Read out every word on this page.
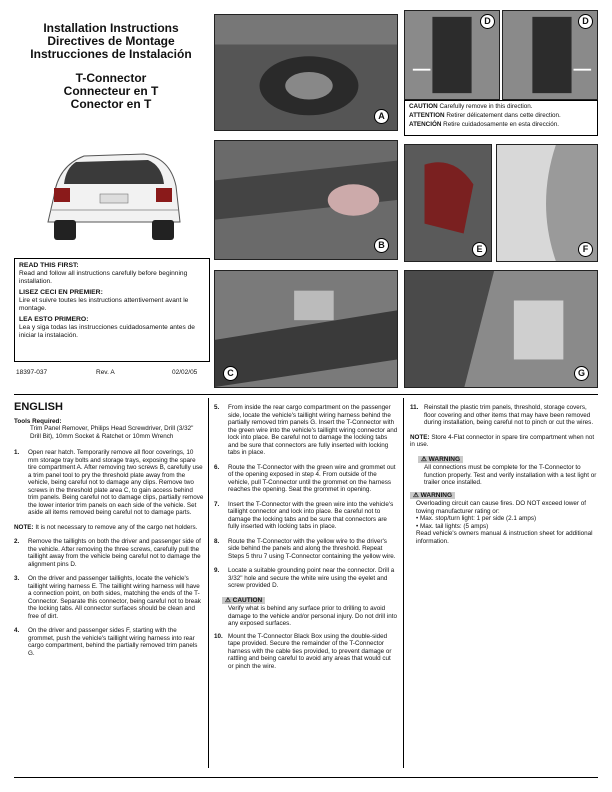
Installation Instructions
Directives de Montage
Instrucciones de Instalación
T-Connector
Connecteur en T
Conector en T
READ THIS FIRST:

Read and follow all instructions carefully before beginning installation.

LISEZ CECI EN PREMIER:

Lire et suivre toutes les instructions attentivement avant le montage.

LEA ESTO PRIMERO:

Lea y siga todas las instrucciones cuidadosamente antes de iniciar la instalación.

18397-037	Rev. A	02/02/05
A
D	D
CAUTION Carefully remove in this direction.
ATTENTION Retirer délicatement dans cette direction.
ATENCIÓN Retire cuidadosamente en esta dirección.
B	E	F
C	G
ENGLISH
Tools Required:
Trim Panel Remover, Philips Head Screwdriver, Drill (3/32" Drill Bit), 10mm Socket & Ratchet or 10mm Wrench
1. Open rear hatch. Temporarily remove all floor coverings, 10 mm storage tray bolts and storage trays, exposing the spare tire compartment A. After removing two screws B, carefully use a trim panel tool to pry the threshold plate away from the vehicle, being careful not to damage any clips. Remove two screws in the threshold plate area C, to gain access behind trim panels. Being careful not to damage clips, partially remove the lower interior trim panels on each side of the vehicle. Set aside all items removed being careful not to damage parts.
NOTE: It is not necessary to remove any of the cargo net holders.
2. Remove the taillights on both the driver and passenger side of the vehicle. After removing the three screws, carefully pull the taillight away from the vehicle being careful not to damage the alignment pins D.
3. On the driver and passenger taillights, locate the vehicle's taillight wiring harness E. The taillight wiring harness will have a connection point, on both sides, matching the ends of the T-Connector. Separate this connector, being careful not to break the locking tabs. All connector surfaces should be clean and free of dirt.
4. On the driver and passenger sides F, starting with the grommet, push the vehicle's taillight wiring harness into rear cargo compartment, behind the partially removed trim panels G.
5. From inside the rear cargo compartment on the passenger side, locate the vehicle's taillight wiring harness behind the partially removed trim panels G. Insert the T-Connector with the green wire into the vehicle's taillight wiring connector and lock into place. Be careful not to damage the locking tabs and be sure that connectors are fully inserted with locking tabs in place.
6. Route the T-Connector with the green wire and grommet out of the opening exposed in step 4. From outside of the vehicle, pull T-Connector until the grommet on the harness reaches the opening. Seat the grommet in opening.
7. Insert the T-Connector with the green wire into the vehicle's taillight connector and lock into place. Be careful not to damage the locking tabs and be sure that connectors are fully inserted with locking tabs in place.
8. Route the T-Connector with the yellow wire to the driver's side behind the panels and along the threshold. Repeat Steps 5 thru 7 using T-Connector containing the yellow wire.
9. Locate a suitable grounding point near the connector. Drill a 3/32" hole and secure the white wire using the eyelet and screw provided D.
⚠ CAUTION
Verify what is behind any surface prior to drilling to avoid damage to the vehicle and/or personal injury. Do not drill into any exposed surfaces.
10. Mount the T-Connector Black Box using the double-sided tape provided. Secure the remainder of the T-Connector harness with the cable ties provided, to prevent damage or rattling and being careful to avoid any areas that would cut or pinch the wire.
11. Reinstall the plastic trim panels, threshold, storage covers, floor covering and other items that may have been removed during installation, being careful not to pinch or cut the wires.
NOTE: Store 4-Flat connector in spare tire compartment when not in use.
⚠ WARNING
All connections must be complete for the T-Connector to function properly. Test and verify installation with a test light or trailer once installed.
⚠ WARNING
Overloading circuit can cause fires. DO NOT exceed lower of towing manufacturer rating or:
• Max. stop/turn light: 1 per side (2.1 amps)
• Max. tail lights: (5 amps)
Read vehicle's owners manual & instruction sheet for additional information.
